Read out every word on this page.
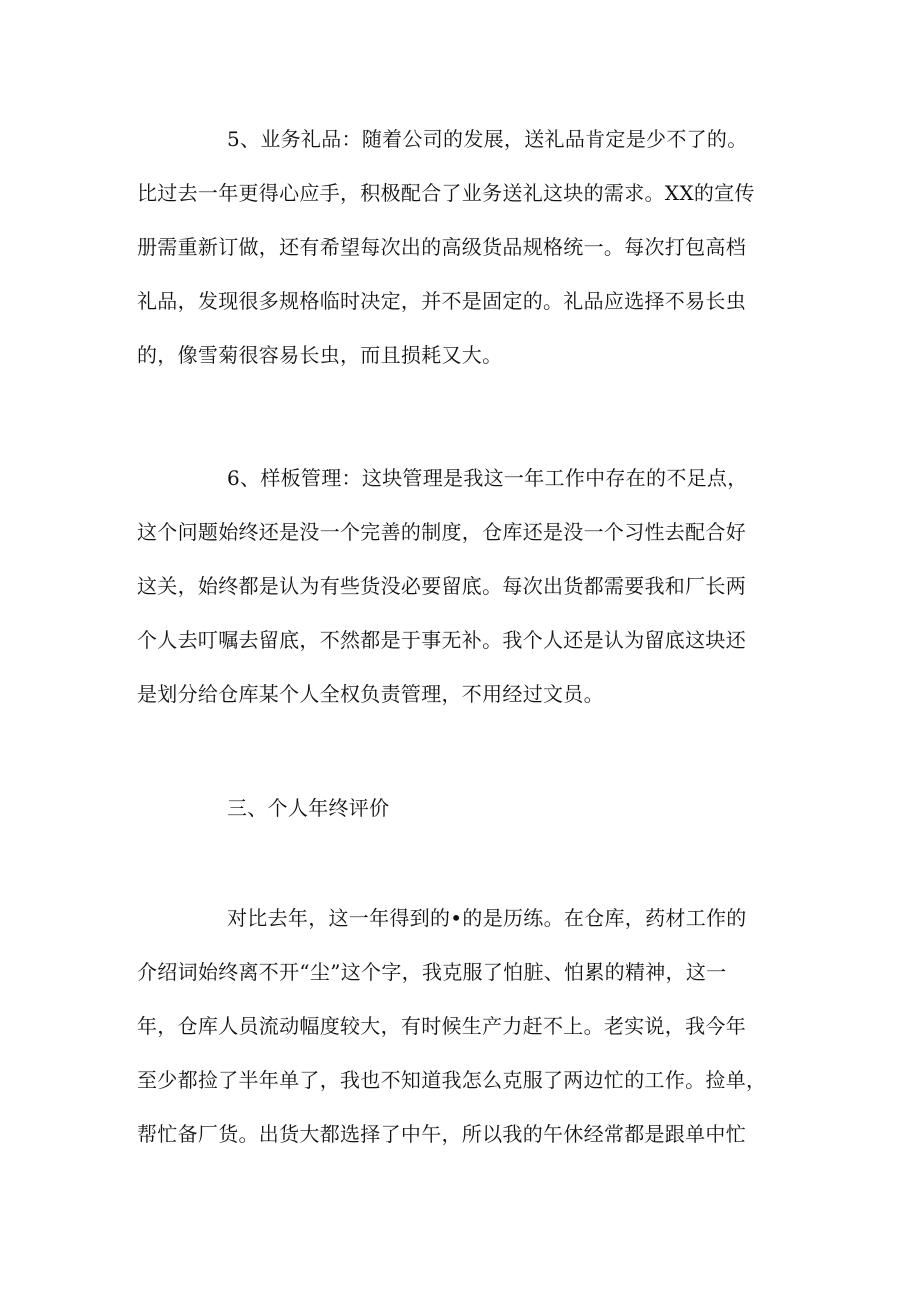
5、业务礼品：随着公司的发展，送礼品肯定是少不了的。
比过去一年更得心应手，积极配合了业务送礼这块的需求。XX的宣传
册需重新订做，还有希望每次出的高级货品规格统一。每次打包高档
礼品，发现很多规格临时决定，并不是固定的。礼品应选择不易长虫
的，像雪菊很容易长虫，而且损耗又大。
6、样板管理：这块管理是我这一年工作中存在的不足点，
这个问题始终还是没一个完善的制度，仓库还是没一个习性去配合好
这关，始终都是认为有些货没必要留底。每次出货都需要我和厂长两
个人去叮嘱去留底，不然都是于事无补。我个人还是认为留底这块还
是划分给仓库某个人全权负责管理，不用经过文员。
三、个人年终评价
对比去年，这一年得到的•的是历练。在仓库，药材工作的
介绍词始终离不开“尘”这个字，我克服了怕脏、怕累的精神，这一
年，仓库人员流动幅度较大，有时候生产力赶不上。老实说，我今年
至少都捡了半年单了，我也不知道我怎么克服了两边忙的工作。捡单，
帮忙备厂货。出货大都选择了中午，所以我的午休经常都是跟单中忙
